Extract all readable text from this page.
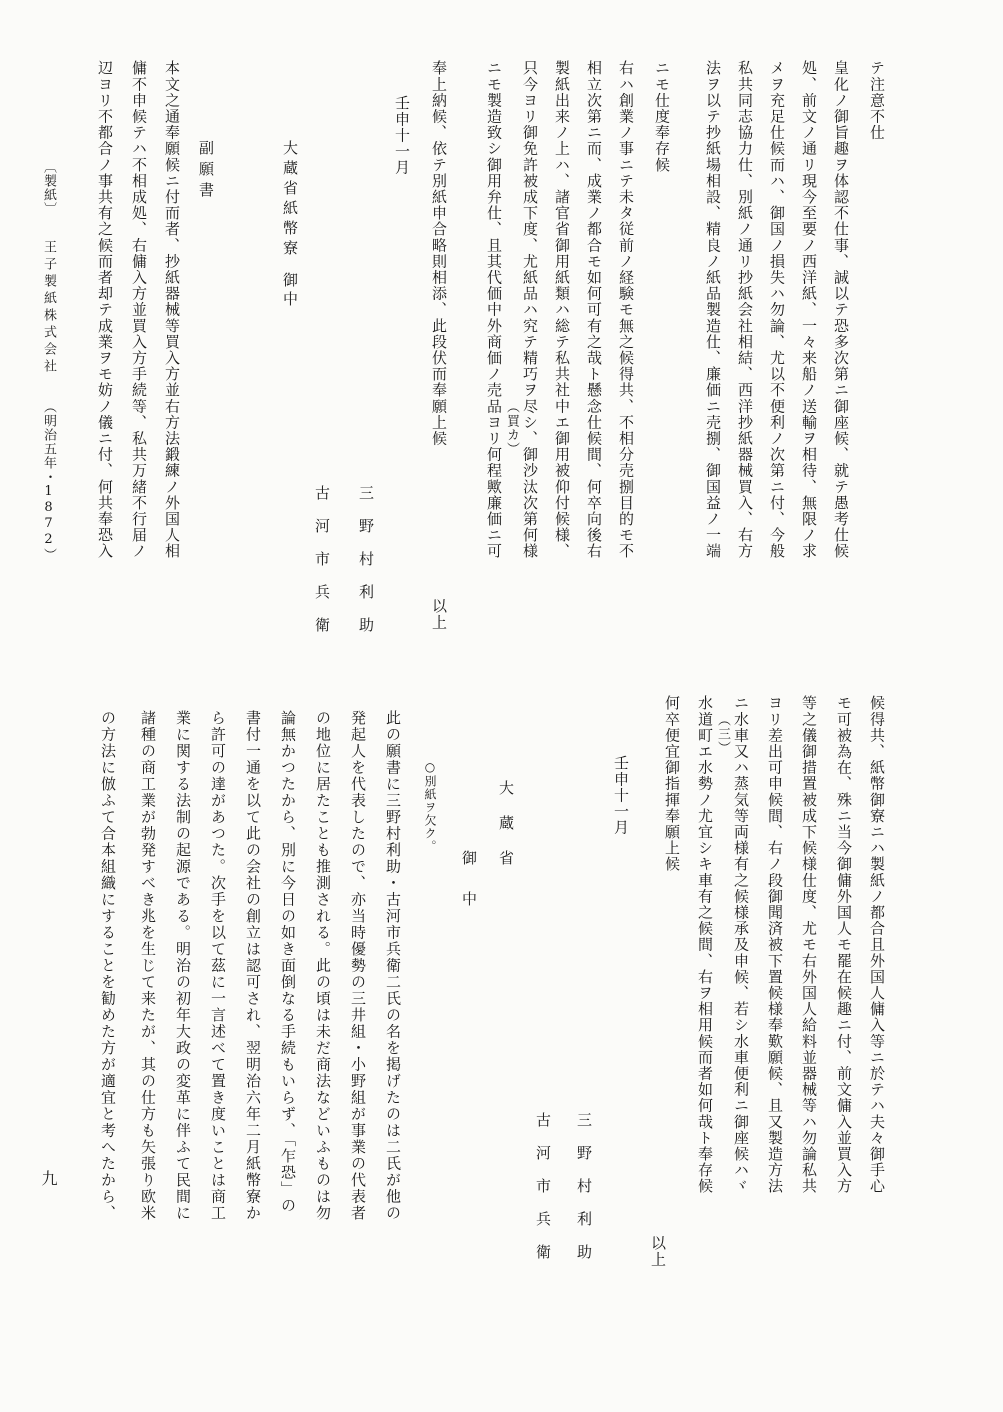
テ注意不仕
皇化ノ御旨趣ヲ体認不仕事、誠以テ恐多次第ニ御座候、就テ愚考仕候
処、前文ノ通リ現今至要ノ西洋紙、一々来船ノ送輸ヲ相待、無限ノ求
メヲ充足仕候而ハ、御国ノ損失ハ勿論、尤以不便利ノ次第ニ付、今般
私共同志協力仕、別紙ノ通リ抄紙会社相結、西洋抄紙器械買入、右方
法ヲ以テ抄紙場相設、精良ノ紙品製造仕、廉価ニ売捌、御国益ノ一端
ニモ仕度奉存候
右ハ創業ノ事ニテ未タ従前ノ経験モ無之候得共、不相分売捌目的モ不
相立次第ニ而、成業ノ都合モ如何可有之哉ト懸念仕候間、何卒向後右
製紙出来ノ上ハ、諸官省御用紙類ハ総テ私共社中エ御用被仰付候様、
只今ヨリ御免許被成下度、尤紙品ハ究テ精巧ヲ尽シ、御沙汰次第何様
（買カ）
ニモ製造致シ御用弁仕、且其代価中外商価ノ売品ヨリ何程歟廉価ニ可
奉上納候、依テ別紙申合略則相添、此段伏而奉願上候
以上
壬申十一月
三野村利助
古河市兵衛
大蔵省紙幣寮
御中
副願書
本文之通奉願候ニ付而者、抄紙器械等買入方並右方法鍛練ノ外国人相
傭不申候テハ不相成処、右傭入方並買入方手続等、私共万緒不行届ノ
辺ヨリ不都合ノ事共有之候而者却テ成業ヲモ妨ノ儀ニ付、何共奉恐入
〔製紙〕
王子製紙株式会社
（明治五年・1872）
候得共、紙幣御寮ニハ製紙ノ都合且外国人傭入等ニ於テハ夫々御手心
モ可被為在、殊ニ当今御傭外国人モ罷在候趣ニ付、前文傭入並買入方
等之儀御措置被成下候様仕度、尤モ右外国人給料並器械等ハ勿論私共
ヨリ差出可申候間、右ノ段御聞済被下置候様奉歎願候、且又製造方法
ニ水車又ハ蒸気等両様有之候様承及申候、若シ水車便利ニ御座候ハヾ
（三）
水道町エ水勢ノ尤宜シキ車有之候間、右ヲ相用候而者如何哉ト奉存候
何卒便宜御指揮奉願上候
以上
壬申十一月
三野村利助
古河市兵衛
大蔵省
御中
○別紙ヲ欠ク。
此の願書に三野村利助・古河市兵衛二氏の名を掲げたのは二氏が他の
発起人を代表したので、亦当時優勢の三井組・小野組が事業の代表者
の地位に居たことも推測される。此の頃は未だ商法などいふものは勿
論無かつたから、別に今日の如き面倒なる手続もいらず、「乍恐」の
書付一通を以て此の会社の創立は認可され、翌明治六年二月紙幣寮か
ら許可の達があつた。次手を以て茲に一言述べて置き度いことは商工
業に関する法制の起源である。明治の初年大政の変革に伴ふて民間に
諸種の商工業が勃発すべき兆を生じて来たが、其の仕方も矢張り欧米
の方法に倣ふて合本組織にすることを勧めた方が適宜と考へたから、
九
